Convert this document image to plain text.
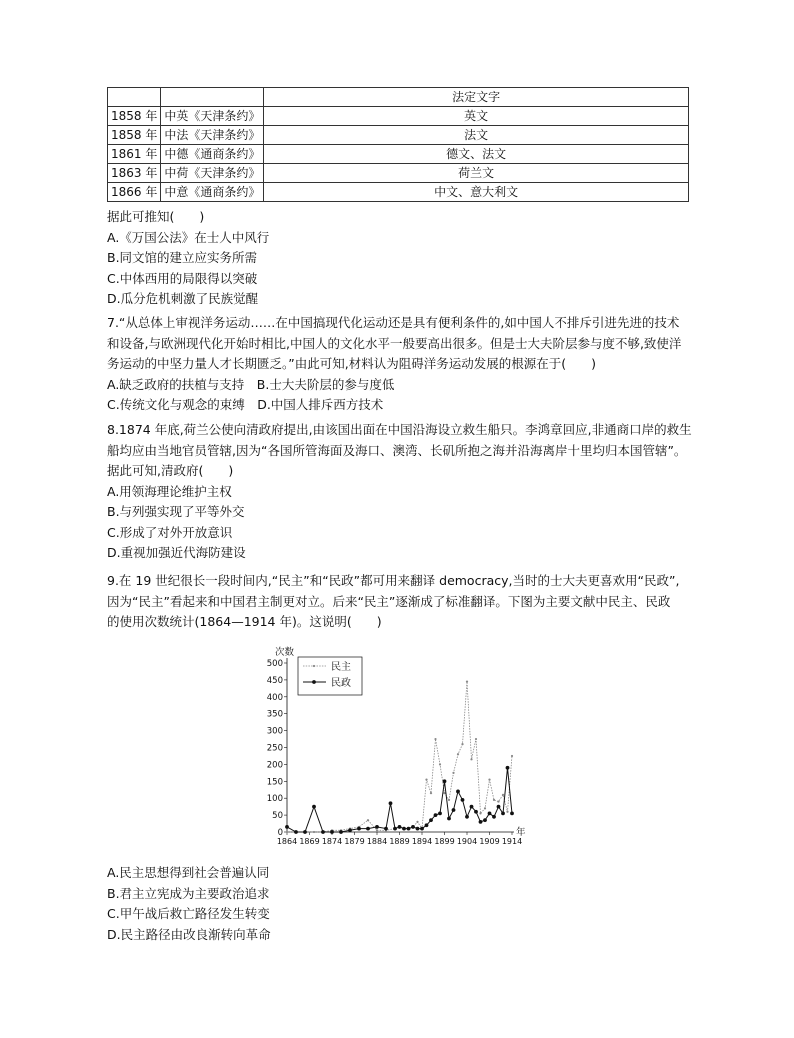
		法定文字
1858 年	中英《天津条约》	英文
1858 年	中法《天津条约》	法文
1861 年	中德《通商条约》	德文、法文
1863 年	中荷《天津条约》	荷兰文
1866 年	中意《通商条约》	中文、意大利文
据此可推知(　　)
A.《万国公法》在士人中风行
B.同文馆的建立应实务所需
C.中体西用的局限得以突破
D.瓜分危机刺激了民族觉醒
7.“从总体上审视洋务运动……在中国搞现代化运动还是具有便利条件的,如中国人不排斥引进先进的技术
和设备,与欧洲现代化开始时相比,中国人的文化水平一般要高出很多。但是士大夫阶层参与度不够,致使洋
务运动的中坚力量人才长期匮乏。”由此可知,材料认为阻碍洋务运动发展的根源在于(　　)
A.缺乏政府的扶植与支持　B.士大夫阶层的参与度低
C.传统文化与观念的束缚　D.中国人排斥西方技术
8.1874 年底,荷兰公使向清政府提出,由该国出面在中国沿海设立救生船只。李鸿章回应,非通商口岸的救生
船均应由当地官员管辖,因为“各国所管海面及海口、澳湾、长矶所抱之海并沿海离岸十里均归本国管辖”。
据此可知,清政府(　　)
A.用领海理论维护主权
B.与列强实现了平等外交
C.形成了对外开放意识
D.重视加强近代海防建设
9.在 19 世纪很长一段时间内,“民主”和“民政”都可用来翻译 democracy,当时的士大夫更喜欢用“民政”,
因为“民主”看起来和中国君主制更对立。后来“民主”逐渐成了标准翻译。下图为主要文献中民主、民政
的使用次数统计(1864—1914 年)。这说明(　　)
0
50
100
150
200
250
300
350
400
450
500
1864 1869 1874 1879 1884 1889 1894 1899 1904 1909 1914
次数
年
民主
民政
A.民主思想得到社会普遍认同
B.君主立宪成为主要政治追求
C.甲午战后救亡路径发生转变
D.民主路径由改良渐转向革命
